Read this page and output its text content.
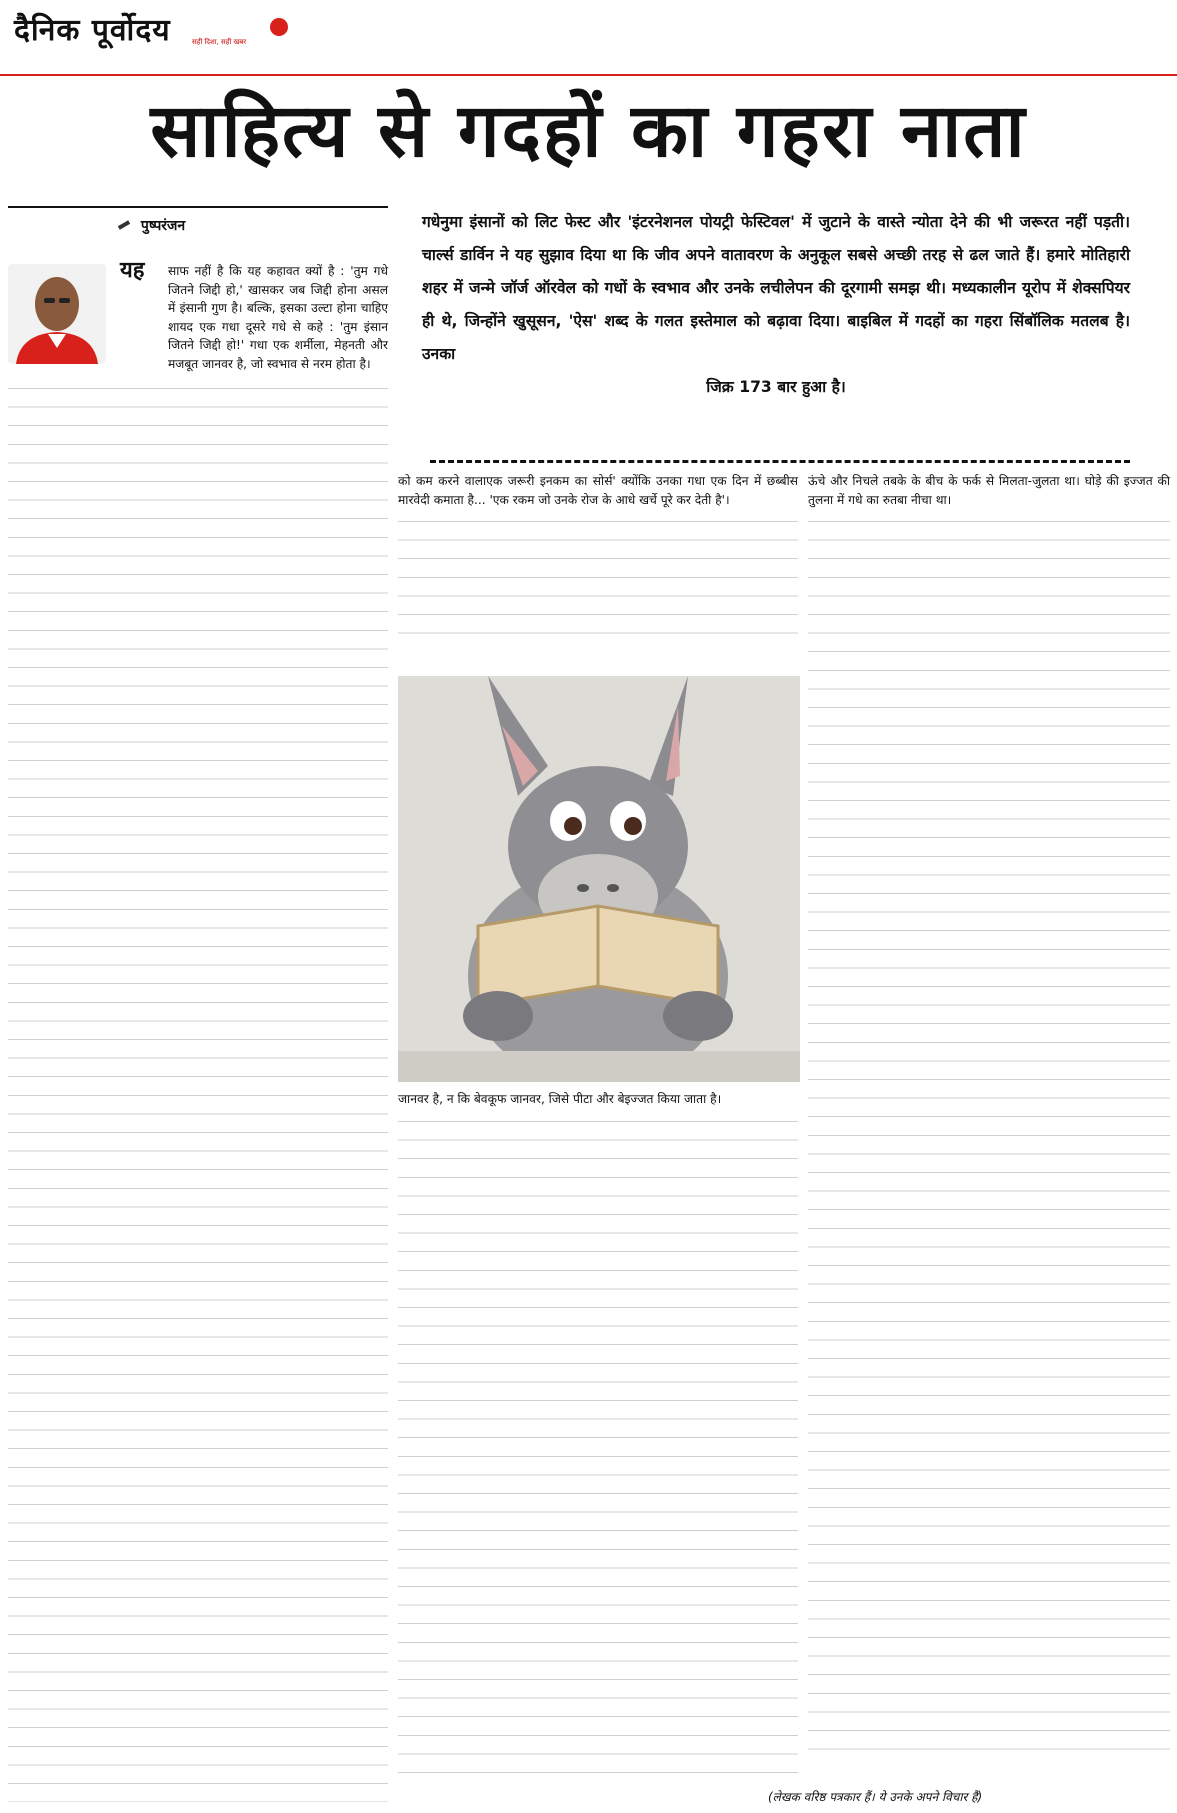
दैनिक पूर्वोदय	सही दिशा, सही खबर
साहित्य से गदहों का गहरा नाता
पुष्परंजन	गधेनुमा इंसानों को लिट फेस्ट और 'इंटरनेशनल पोयट्री फेस्टिवल' में जुटाने के वास्ते न्योता देने की भी जरूरत नहीं पड़ती। चार्ल्स डार्विन ने यह सुझाव दिया था कि जीव अपने वातावरण के अनुकूल सबसे अच्छी तरह से ढल जाते हैं। हमारे मोतिहारी शहर में जन्मे जॉर्ज ऑरवेल को गधों के स्वभाव और उनके लचीलेपन की दूरगामी समझ थी। मध्यकालीन यूरोप में शेक्सपियर ही थे, जिन्होंने खुसूसन, 'ऐस' शब्द के गलत इस्तेमाल को बढ़ावा दिया। बाइबिल में गदहों का गहरा सिंबॉलिक मतलब है। उनका
जिक्र 173 बार हुआ है।
यह	साफ नहीं है कि यह कहावत क्यों है : 'तुम गधे जितने जिद्दी हो,' खासकर जब जिद्दी होना असल में इंसानी गुण है। बल्कि, इसका उल्टा होना चाहिए शायद एक गधा दूसरे गधे से कहे : 'तुम इंसान जितने जिद्दी हो!' गधा एक शर्मीला, मेहनती और मजबूत जानवर है, जो स्वभाव से नरम होता है।
को कम करने वालाएक जरूरी इनकम का सोर्स' क्योंकि उनका गधा एक दिन में छब्बीस मारवेदी कमाता है... 'एक रकम जो उनके रोज के आधे खर्चे पूरे कर देती है'।
जानवर है, न कि बेवकूफ जानवर, जिसे पीटा और बेइज्जत किया जाता है।
ऊंचे और निचले तबके के बीच के फर्क से मिलता-जुलता था। घोड़े की इज्जत की तुलना में गधे का रुतबा नीचा था।
(लेखक वरिष्ठ पत्रकार हैं। ये उनके अपने विचार हैं)
